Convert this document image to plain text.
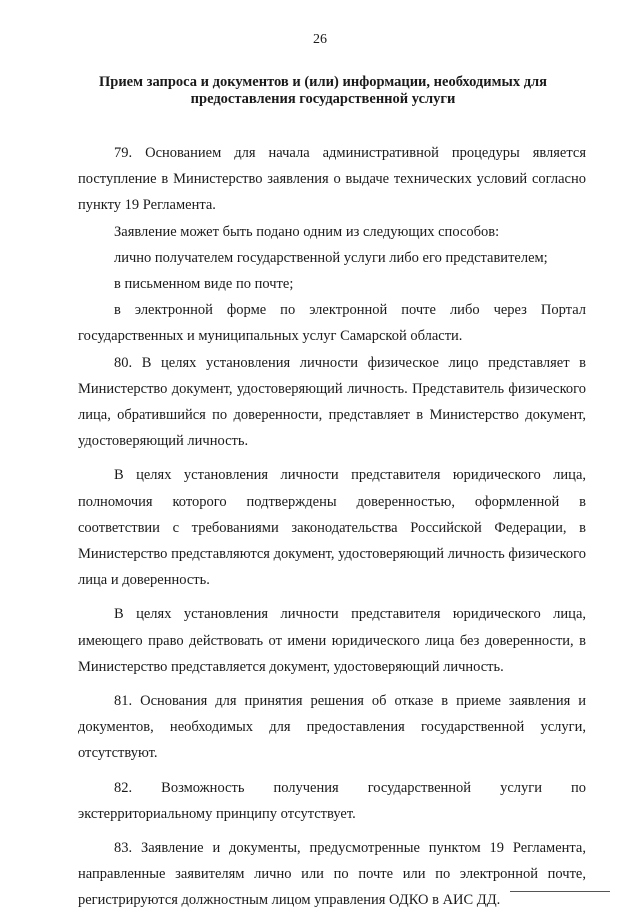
26
Прием запроса и документов и (или) информации, необходимых для предоставления государственной услуги

79. Основанием для начала административной процедуры является поступление в Министерство заявления о выдаче технических условий согласно пункту 19 Регламента.

Заявление может быть подано одним из следующих способов:

лично получателем государственной услуги либо его представителем;

в письменном виде по почте;

в электронной форме по электронной почте либо через Портал государственных и муниципальных услуг Самарской области.

80. В целях установления личности физическое лицо представляет в Министерство документ, удостоверяющий личность. Представитель физического лица, обратившийся по доверенности, представляет в Министерство документ, удостоверяющий личность.

В целях установления личности представителя юридического лица, полномочия которого подтверждены доверенностью, оформленной в соответствии с требованиями законодательства Российской Федерации, в Министерство представляются документ, удостоверяющий личность физического лица и доверенность.

В целях установления личности представителя юридического лица, имеющего право действовать от имени юридического лица без доверенности, в Министерство представляется документ, удостоверяющий личность.

81. Основания для принятия решения об отказе в приеме заявления и документов, необходимых для предоставления государственной услуги, отсутствуют.

82. Возможность получения государственной услуги по экстерриториальному принципу отсутствует.

83. Заявление и документы, предусмотренные пунктом 19 Регламента, направленные заявителям лично или по почте или по электронной почте, регистрируются должностным лицом управления ОДКО в АИС ДД.
